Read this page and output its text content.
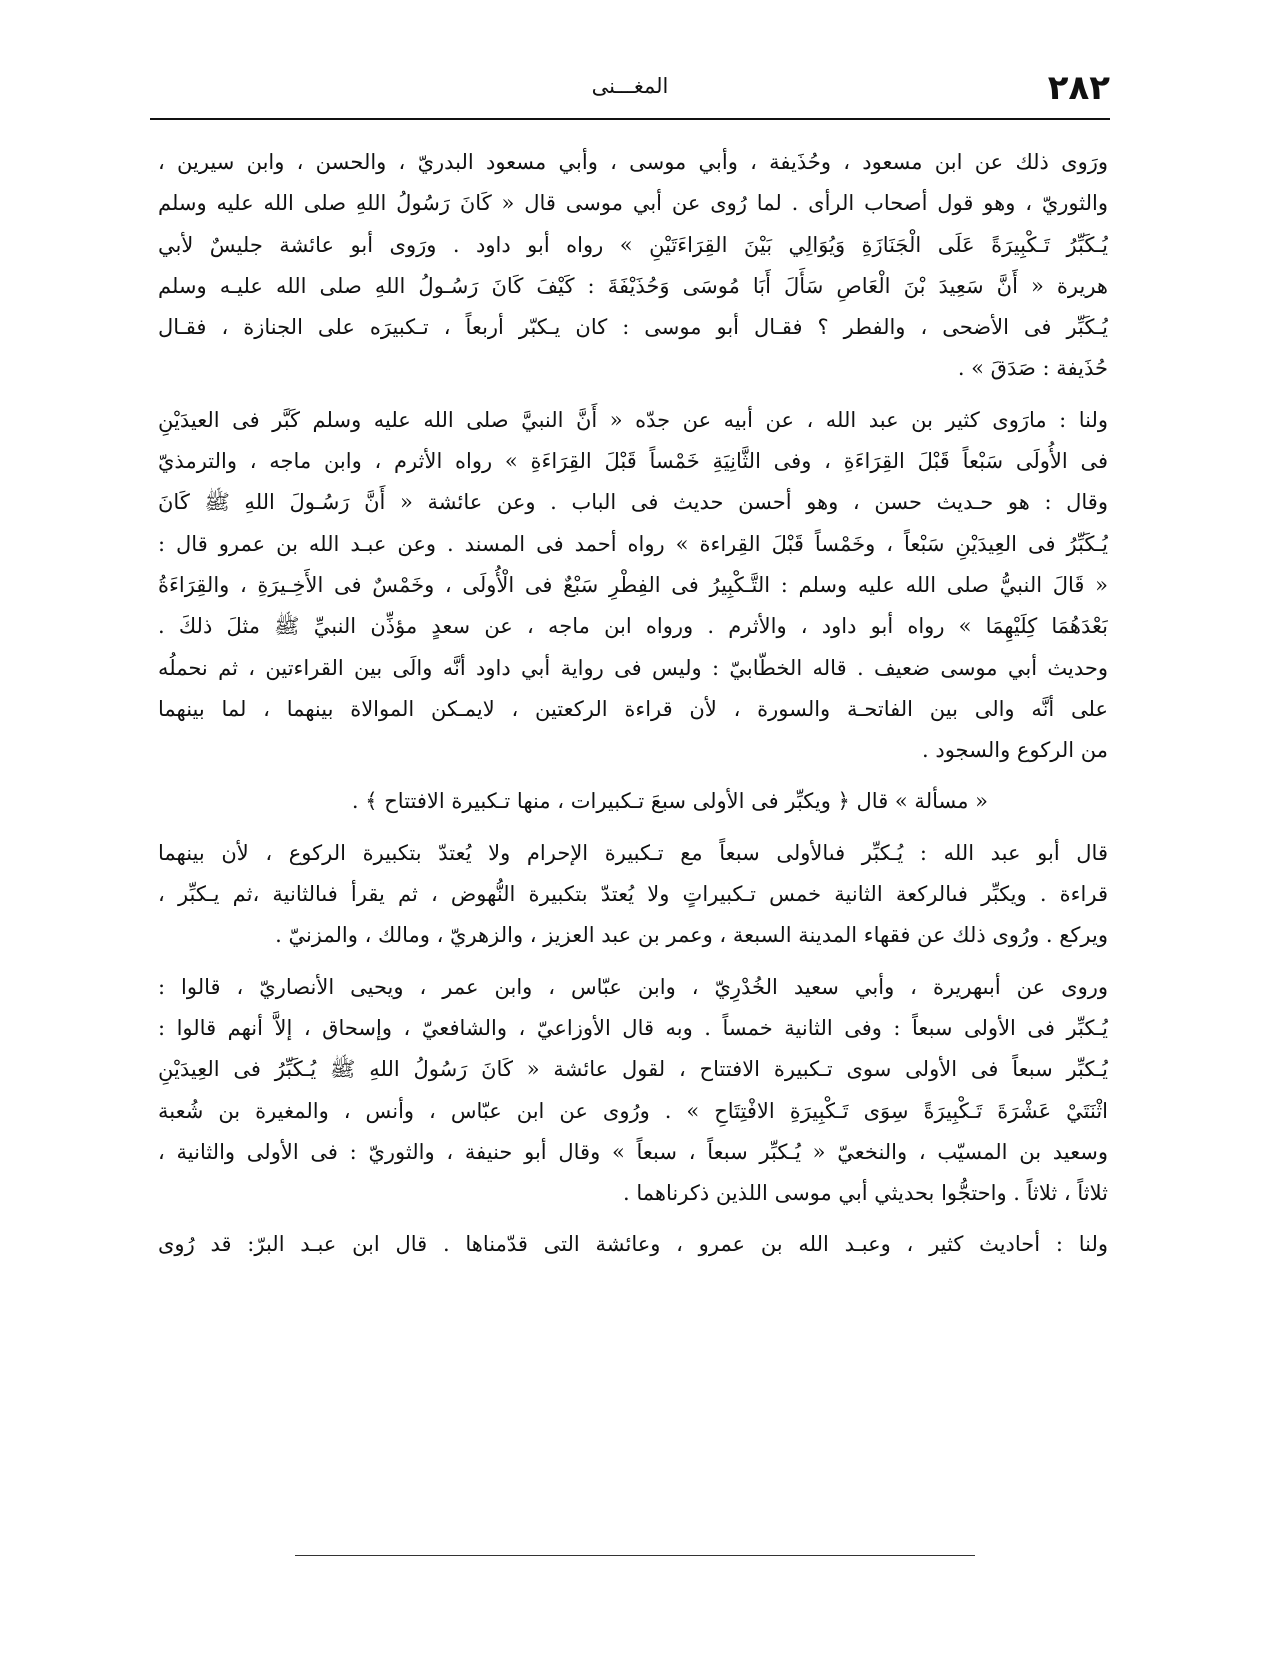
٢٨٢
المغـــنى
ورَوى ذلك عن ابن مسعود ، وحُذَيفة ، وأبي موسى ، وأبي مسعود البدريّ ، والحسن ، وابن سيرين ،
والثوريّ ، وهو قول أصحاب الرأى . لما رُوى عن أبي موسى قال « كَانَ رَسُولُ اللهِ صلى الله عليه وسلم
يُـكَبِّرُ تَـكْبِيرَةً عَلَى الْجَنَازَةِ وَيُوَالِي بَيْنَ القِرَاءَتَيْنِ » رواه أبو داود . ورَوى أبو عائشة جليسٌ لأبي
هريرة « أَنَّ سَعِيدَ بْنَ الْعَاصِ سَأَلَ أَبَا مُوسَى وَحُذَيْفَةَ : كَيْفَ كَانَ رَسُـولُ اللهِ صلى الله عليـه وسلم
يُـكَبِّر فى الأضحى ، والفطر ؟ فقـال أبو موسى : كان يـكبّر أربعاً ، تـكبيرَه على الجنازة ، فقـال
حُذَيفة : صَدَقَ » .
ولنا : مارَوى كثير بن عبد الله ، عن أبيه عن جدّه « أَنَّ النبيَّ صلى الله عليه وسلم كَبَّر فى العيدَيْنِ
فى الأُولَى سَبْعاً قَبْلَ القِرَاءَةِ ، وفى الثَّانِيَةِ خَمْساً قَبْلَ القِرَاءَةِ » رواه الأثرم ، وابن ماجه ، والترمذيّ
وقال : هو حـديث حسن ، وهو أحسن حديث فى الباب . وعن عائشة « أَنَّ رَسُـولَ اللهِ ﷺ كَانَ
يُـكَبِّرُ فى العِيدَيْنِ سَبْعاً ، وخَمْساً قَبْلَ القِراءة » رواه أحمد فى المسند . وعن عبـد الله بن عمرو قال :
« قَالَ النبيُّ صلى الله عليه وسلم : التَّـكْبِيرُ فى الفِطْرِ سَبْعٌ فى الْأُولَى ، وخَمْسٌ فى الأَخِـيرَةِ ، والقِرَاءَةُ
بَعْدَهُمَا كِلَيْهِمَا » رواه أبو داود ، والأثرم . ورواه ابن ماجه ، عن سعدٍ مؤذِّن النبيِّ ﷺ مثلَ ذلكَ .
وحديث أبي موسى ضعيف . قاله الخطّابيّ : وليس فى رواية أبي داود أنَّه والَى بين القراءتين ، ثم نحملُه
على أنَّه والى بين الفاتحـة والسورة ، لأن قراءة الركعتين ، لايمـكن الموالاة بينهما ، لما بينهما
من الركوع والسجود .
« مسألة » قال ﴿ ويكبِّر فى الأولى سبعَ تـكبيرات ، منها تـكبيرة الافتتاح ﴾ .
قال أبو عبد الله : يُـكبِّر فىالأولى سبعاً مع تـكبيرة الإحرام ولا يُعتدّ بتكبيرة الركوع ، لأن بينهما
قراءة . ويكبِّر فىالركعة الثانية خمس تـكبيراتٍ ولا يُعتدّ بتكبيرة النُّهوض ، ثم يقرأ فىالثانية ،ثم يـكبِّر ،
ويركع . ورُوى ذلك عن فقهاء المدينة السبعة ، وعمر بن عبد العزيز ، والزهريّ ، ومالك ، والمزنيّ .
وروى عن أبىهريرة ، وأبي سعيد الخُدْرِيّ ، وابن عبّاس ، وابن عمر ، ويحيى الأنصاريّ ، قالوا :
يُـكبِّر فى الأولى سبعاً : وفى الثانية خمساً . وبه قال الأوزاعيّ ، والشافعيّ ، وإسحاق ، إلاَّ أنهم قالوا :
يُـكبِّر سبعاً فى الأولى سوى تـكبيرة الافتتاح ، لقول عائشة « كَانَ رَسُولُ اللهِ ﷺ يُـكَبِّرُ فى العِيدَيْنِ
اثْنَتَيْ عَشْرَةَ تَـكْبِيرَةً سِوَى تَـكْبِيرَةِ الافْتِتَاحِ » . ورُوى عن ابن عبّاس ، وأنس ، والمغيرة بن شُعبة
وسعيد بن المسيّب ، والنخعيّ « يُـكبِّر سبعاً ، سبعاً » وقال أبو حنيفة ، والثوريّ : فى الأولى والثانية ،
ثلاثاً ، ثلاثاً . واحتجُّوا بحديثي أبي موسى اللذين ذكرناهما .
ولنا : أحاديث كثير ، وعبـد الله بن عمرو ، وعائشة التى قدّمناها . قال ابن عبـد البرّ: قد رُوى
